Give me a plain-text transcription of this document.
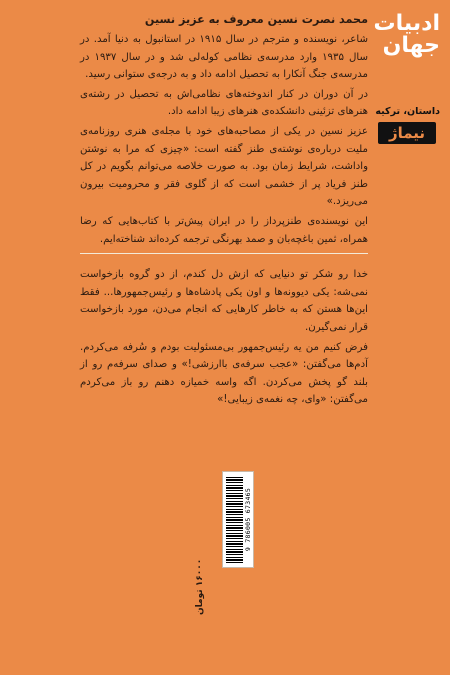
ادبیات
جهان
داستان، ترکیه
نیماژ
محمد نصرت نسین معروف به عزیز نسین

شاعر، نویسنده و مترجم در سال ۱۹۱۵ در استانبول به دنیا آمد. در سال ۱۹۳۵ وارد مدرسه‌ی نظامی کوله‌لی شد و در سال ۱۹۳۷ در مدرسه‌ی جنگ آنکارا به تحصیل ادامه داد و به درجه‌ی ستوانی رسید.

در آن دوران در کنار اندوخته‌های نظامی‌اش به تحصیل در رشته‌ی هنرهای تزئینی دانشکده‌ی هنرهای زیبا ادامه داد.

عزیز نسین در یکی از مصاحبه‌های خود با مجله‌ی هنری روزنامه‌ی ملیت درباره‌ی نوشته‌ی طنز گفته است: «چیزی که مرا به نوشتن واداشت، شرایط زمان بود. به صورت خلاصه می‌توانم بگویم در کل طنز فریاد پر از خشمی است که از گلوی فقر و محرومیت بیرون می‌ریزد.»

این نویسنده‌ی طنزپرداز را در ایران پیش‌تر با کتاب‌هایی که رضا همراه، ثمین باغچه‌بان و صمد بهرنگی ترجمه کرده‌اند شناخته‌ایم.

خدا رو شکر تو دنیایی که ازش دل کندم، از دو گروه بازخواست نمی‌شه: یکی دیوونه‌ها و اون یکی پادشاه‌ها و رئیس‌جمهورها... فقط این‌ها هستن که به خاطر کارهایی که انجام می‌دن، مورد بازخواست قرار نمی‌گیرن.

فرض کنیم من یه رئیس‌جمهور بی‌مسئولیت بودم و سُرفه می‌کردم. آدم‌ها می‌گفتن: «عجب سرفه‌ی باارزشی!» و صدای سرفه‌م رو از بلند گو پخش می‌کردن. اگه واسه خمیازه دهنم رو باز می‌کردم می‌گفتن: «وای، چه نغمه‌ی زیبایی!»

9 786005 673465
۱۶۰۰۰ تومان
